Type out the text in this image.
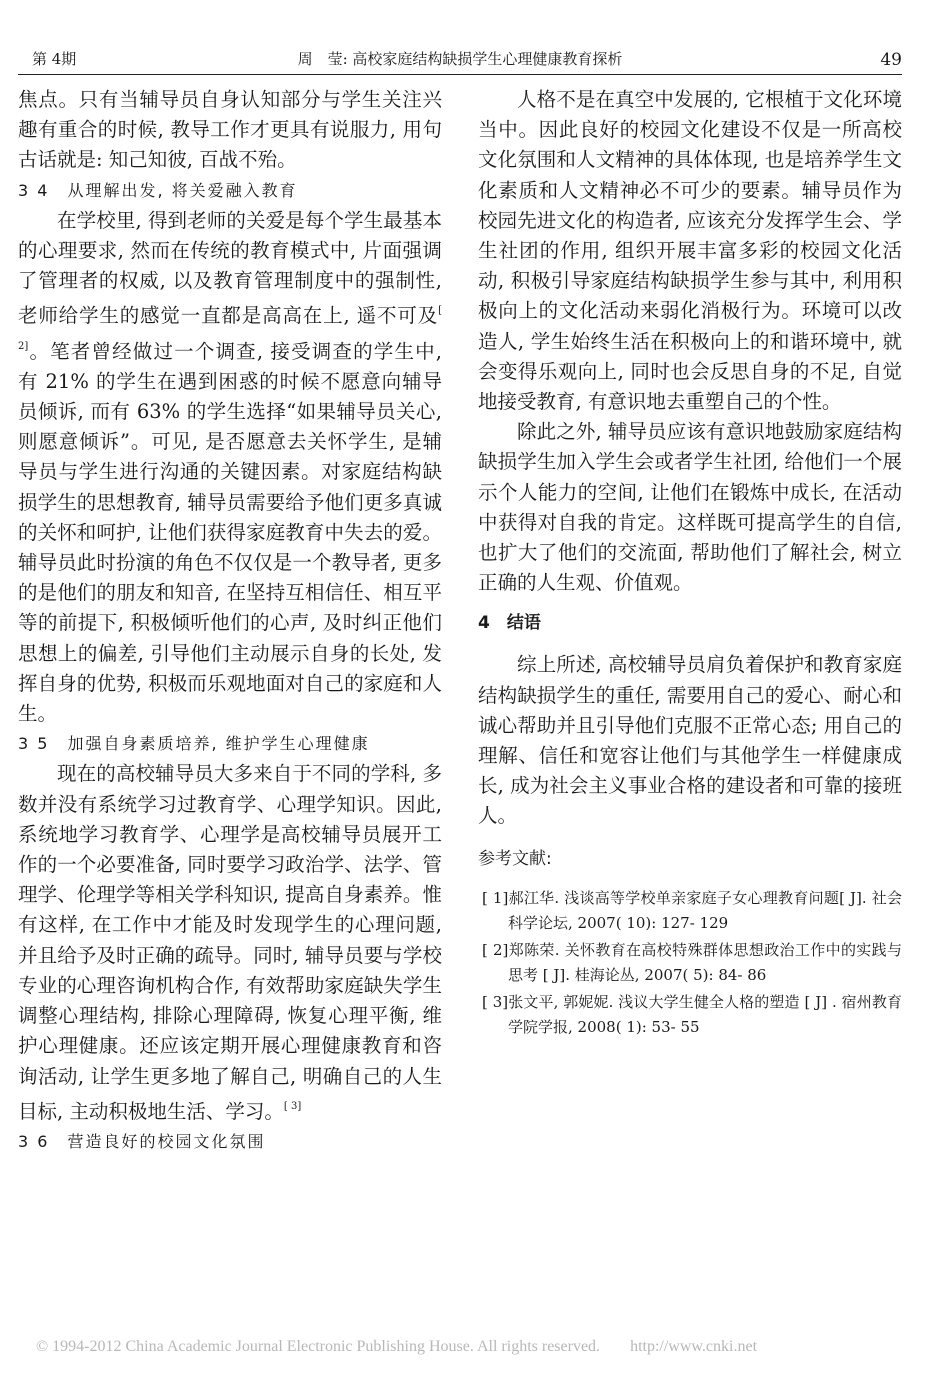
第 4期	周　莹: 高校家庭结构缺损学生心理健康教育探析	49

焦点。只有当辅导员自身认知部分与学生关注兴趣有重合的时候, 教导工作才更具有说服力, 用句古话就是: 知己知彼, 百战不殆。

3 4　从理解出发, 将关爱融入教育

在学校里, 得到老师的关爱是每个学生最基本的心理要求, 然而在传统的教育模式中, 片面强调了管理者的权威, 以及教育管理制度中的强制性, 老师给学生的感觉一直都是高高在上, 遥不可及[ 2]。笔者曾经做过一个调查, 接受调查的学生中, 有 21% 的学生在遇到困惑的时候不愿意向辅导员倾诉, 而有 63% 的学生选择“如果辅导员关心, 则愿意倾诉”。可见, 是否愿意去关怀学生, 是辅导员与学生进行沟通的关键因素。对家庭结构缺损学生的思想教育, 辅导员需要给予他们更多真诚的关怀和呵护, 让他们获得家庭教育中失去的爱。辅导员此时扮演的角色不仅仅是一个教导者, 更多的是他们的朋友和知音, 在坚持互相信任、相互平等的前提下, 积极倾听他们的心声, 及时纠正他们思想上的偏差, 引导他们主动展示自身的长处, 发挥自身的优势, 积极而乐观地面对自己的家庭和人生。

3 5　加强自身素质培养, 维护学生心理健康

现在的高校辅导员大多来自于不同的学科, 多数并没有系统学习过教育学、心理学知识。因此, 系统地学习教育学、心理学是高校辅导员展开工作的一个必要准备, 同时要学习政治学、法学、管理学、伦理学等相关学科知识, 提高自身素养。惟有这样, 在工作中才能及时发现学生的心理问题, 并且给予及时正确的疏导。同时, 辅导员要与学校专业的心理咨询机构合作, 有效帮助家庭缺失学生调整心理结构, 排除心理障碍, 恢复心理平衡, 维护心理健康。还应该定期开展心理健康教育和咨询活动, 让学生更多地了解自己, 明确自己的人生目标, 主动积极地生活、学习。[ 3]

3 6　营造良好的校园文化氛围

人格不是在真空中发展的, 它根植于文化环境当中。因此良好的校园文化建设不仅是一所高校文化氛围和人文精神的具体体现, 也是培养学生文化素质和人文精神必不可少的要素。辅导员作为校园先进文化的构造者, 应该充分发挥学生会、学生社团的作用, 组织开展丰富多彩的校园文化活动, 积极引导家庭结构缺损学生参与其中, 利用积极向上的文化活动来弱化消极行为。环境可以改造人, 学生始终生活在积极向上的和谐环境中, 就会变得乐观向上, 同时也会反思自身的不足, 自觉地接受教育, 有意识地去重塑自己的个性。

除此之外, 辅导员应该有意识地鼓励家庭结构缺损学生加入学生会或者学生社团, 给他们一个展示个人能力的空间, 让他们在锻炼中成长, 在活动中获得对自我的肯定。这样既可提高学生的自信, 也扩大了他们的交流面, 帮助他们了解社会, 树立正确的人生观、价值观。

4　结语

综上所述, 高校辅导员肩负着保护和教育家庭结构缺损学生的重任, 需要用自己的爱心、耐心和诚心帮助并且引导他们克服不正常心态; 用自己的理解、信任和宽容让他们与其他学生一样健康成长, 成为社会主义事业合格的建设者和可靠的接班人。

参考文献:

[ 1]郝江华. 浅谈高等学校单亲家庭子女心理教育问题[ J]. 社会科学论坛, 2007( 10): 127- 129

[ 2]郑陈荣. 关怀教育在高校特殊群体思想政治工作中的实践与思考 [ J]. 桂海论丛, 2007( 5): 84- 86

[ 3]张文平, 郭妮妮. 浅议大学生健全人格的塑造 [ J] . 宿州教育学院学报, 2008( 1): 53- 55

© 1994-2012 China Academic Journal Electronic Publishing House. All rights reserved. http://www.cnki.net
